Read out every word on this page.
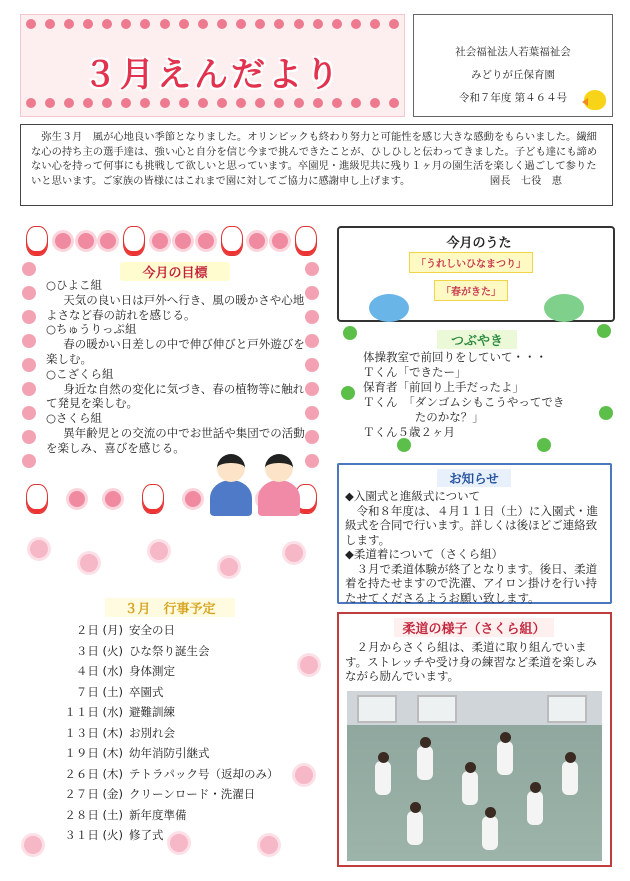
３月えんだより
社会福祉法人若葉福祉会
みどりが丘保育園
令和７年度 第４６４号
弥生３月　風が心地良い季節となりました。オリンピックも終わり努力と可能性を感じ大きな感動をもらいました。繊細な心の持ち主の選手達は、強い心と自分を信じ今まで挑んできたことが、ひしひしと伝わってきました。子ども達にも諦めない心を持って何事にも挑戦して欲しいと思っています。卒園児・進級児共に残り１ヶ月の園生活を楽しく過ごして参りたいと思います。ご家族の皆様にはこれまで園に対してご協力に感謝申し上げます。	園長　七役　恵
今月の目標
○ひよこ組
天気の良い日は戸外へ行き、風の暖かさや心地よさなど春の訪れを感じる。
○ちゅうりっぷ組
春の暖かい日差しの中で伸び伸びと戸外遊びを楽しむ。
○こざくら組
身近な自然の変化に気づき、春の植物等に触れて発見を楽しむ。
○さくら組
異年齢児との交流の中でお世話や集団での活動を楽しみ、喜びを感じる。
３月　行事予定
２日 (月) 安全の日
３日 (火) ひな祭り誕生会
４日 (水) 身体測定
７日 (土) 卒園式
１１日 (水) 避難訓練
１３日 (木) お別れ会
１９日 (木) 幼年消防引継式
２６日 (木) テトラパック号（返却のみ）
２７日 (金) クリーンロード・洗濯日
２８日 (土) 新年度準備
３１日 (火) 修了式
今月のうた
「うれしいひなまつり」
「春がきた」
つぶやき
体操教室で前回りをしていて・・・
Ｔくん「できたー」
保育者「前回り上手だったよ」
Ｔくん　「ダンゴムシもこうやってでき
たのかな？」
Ｔくん５歳２ヶ月
お知らせ
◆入園式と進級式について
令和８年度は、４月１１日（土）に入園式・進級式を合同で行います。詳しくは後ほどご連絡致します。
◆柔道着について（さくら組）
３月で柔道体験が終了となります。後日、柔道着を持たせますので洗濯、アイロン掛けを行い持たせてくださるようお願い致します。
柔道の様子（さくら組）
２月からさくら組は、柔道に取り組んでいます。ストレッチや受け身の練習など柔道を楽しみながら励んでいます。
